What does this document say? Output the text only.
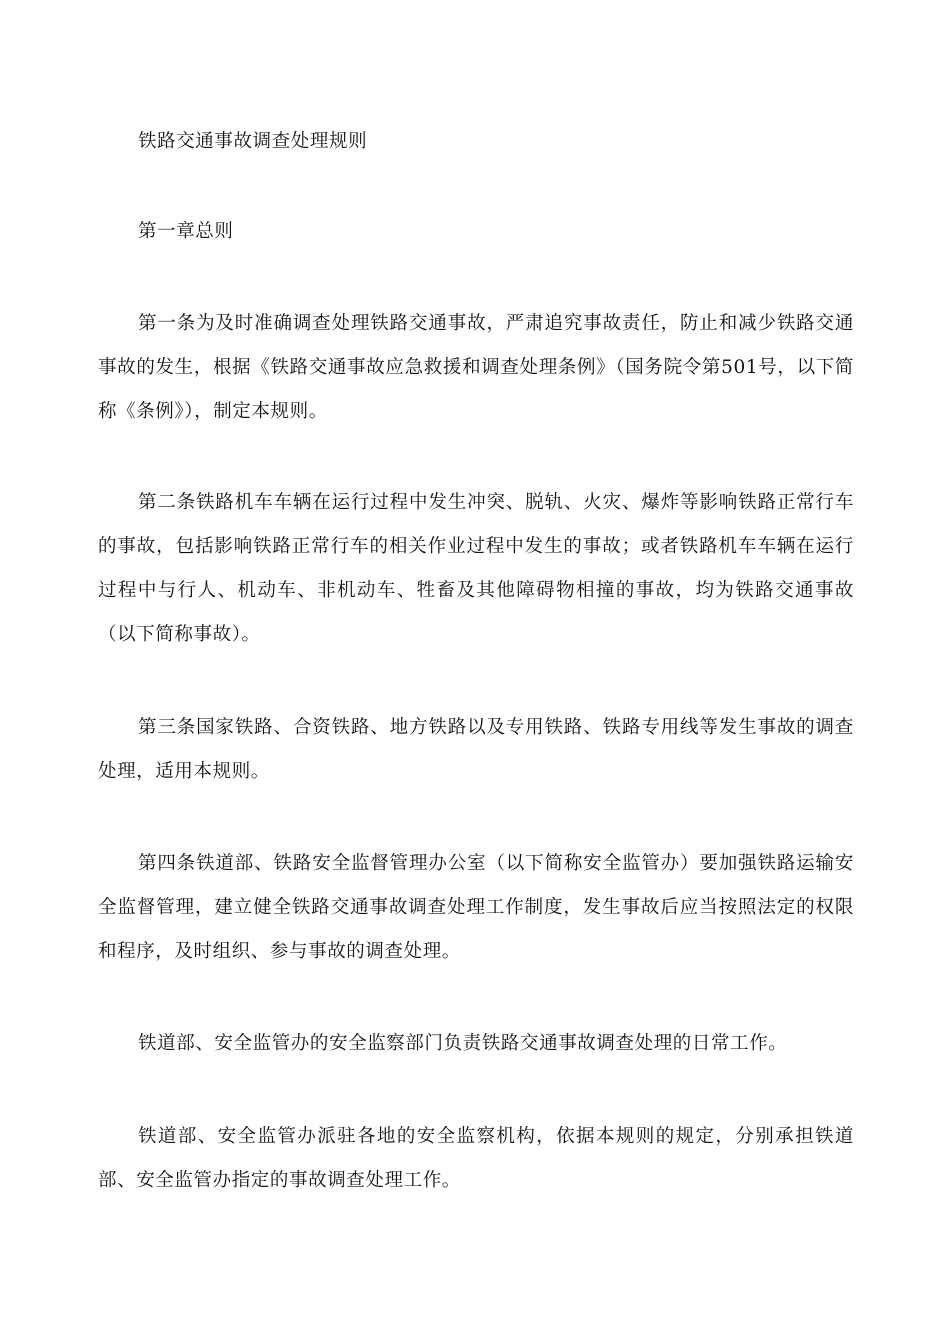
铁路交通事故调查处理规则
第一章总则
第一条为及时准确调查处理铁路交通事故，严肃追究事故责任，防止和减少铁路交通事故的发生，根据《铁路交通事故应急救援和调查处理条例》（国务院令第501号，以下简称《条例》），制定本规则。
第二条铁路机车车辆在运行过程中发生冲突、脱轨、火灾、爆炸等影响铁路正常行车的事故，包括影响铁路正常行车的相关作业过程中发生的事故；或者铁路机车车辆在运行过程中与行人、机动车、非机动车、牲畜及其他障碍物相撞的事故，均为铁路交通事故（以下简称事故）。
第三条国家铁路、合资铁路、地方铁路以及专用铁路、铁路专用线等发生事故的调查处理，适用本规则。
第四条铁道部、铁路安全监督管理办公室（以下简称安全监管办）要加强铁路运输安全监督管理，建立健全铁路交通事故调查处理工作制度，发生事故后应当按照法定的权限和程序，及时组织、参与事故的调查处理。
铁道部、安全监管办的安全监察部门负责铁路交通事故调查处理的日常工作。
铁道部、安全监管办派驻各地的安全监察机构，依据本规则的规定，分别承担铁道部、安全监管办指定的事故调查处理工作。
